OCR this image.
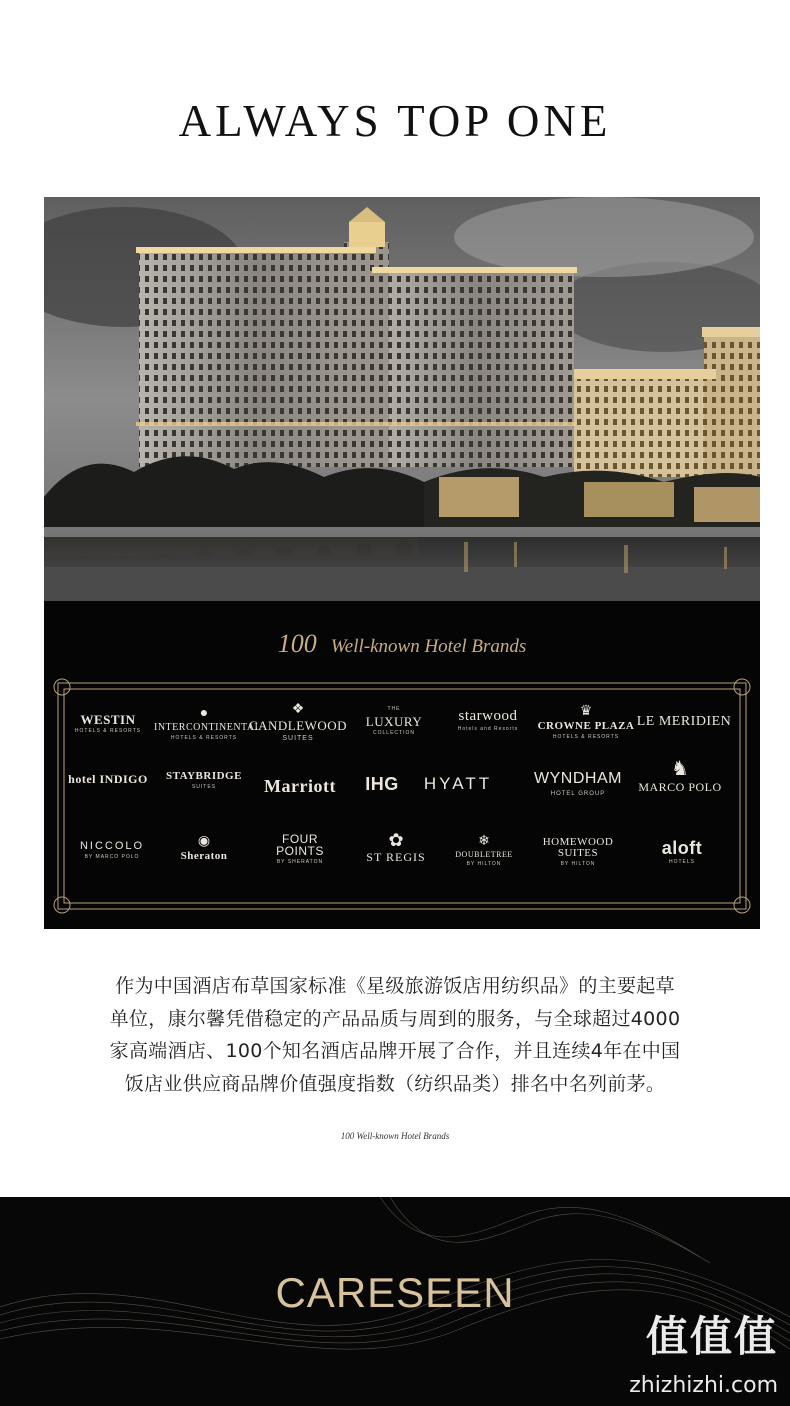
ALWAYS TOP ONE
100 Well-known Hotel Brands
WESTIN
HOTELS & RESORTS
●
INTERCONTINENTAL
HOTELS & RESORTS
❖
CANDLEWOOD
SUITES
THE
LUXURY
COLLECTION
starwood
Hotels and Resorts
♛
CROWNE PLAZA
HOTELS & RESORTS
LE MERIDIEN
hotel INDIGO	STAYBRIDGE
SUITES	Marriott	IHG	HYATT	WYNDHAM
HOTEL GROUP
♞
MARCO POLO
NICCOLO
BY MARCO POLO
◉
Sheraton
FOUR POINTS
BY SHERATON
✿
ST REGIS
❄
DOUBLETREE
BY HILTON
HOMEWOOD SUITES
BY HILTON
aloft
HOTELS
作为中国酒店布草国家标准《星级旅游饭店用纺织品》的主要起草
单位，康尔馨凭借稳定的产品品质与周到的服务，与全球超过4000
家高端酒店、100个知名酒店品牌开展了合作，并且连续4年在中国
饭店业供应商品牌价值强度指数（纺织品类）排名中名列前茅。
100 Well-known Hotel Brands
CARESEEN
值值值
zhizhizhi.com
